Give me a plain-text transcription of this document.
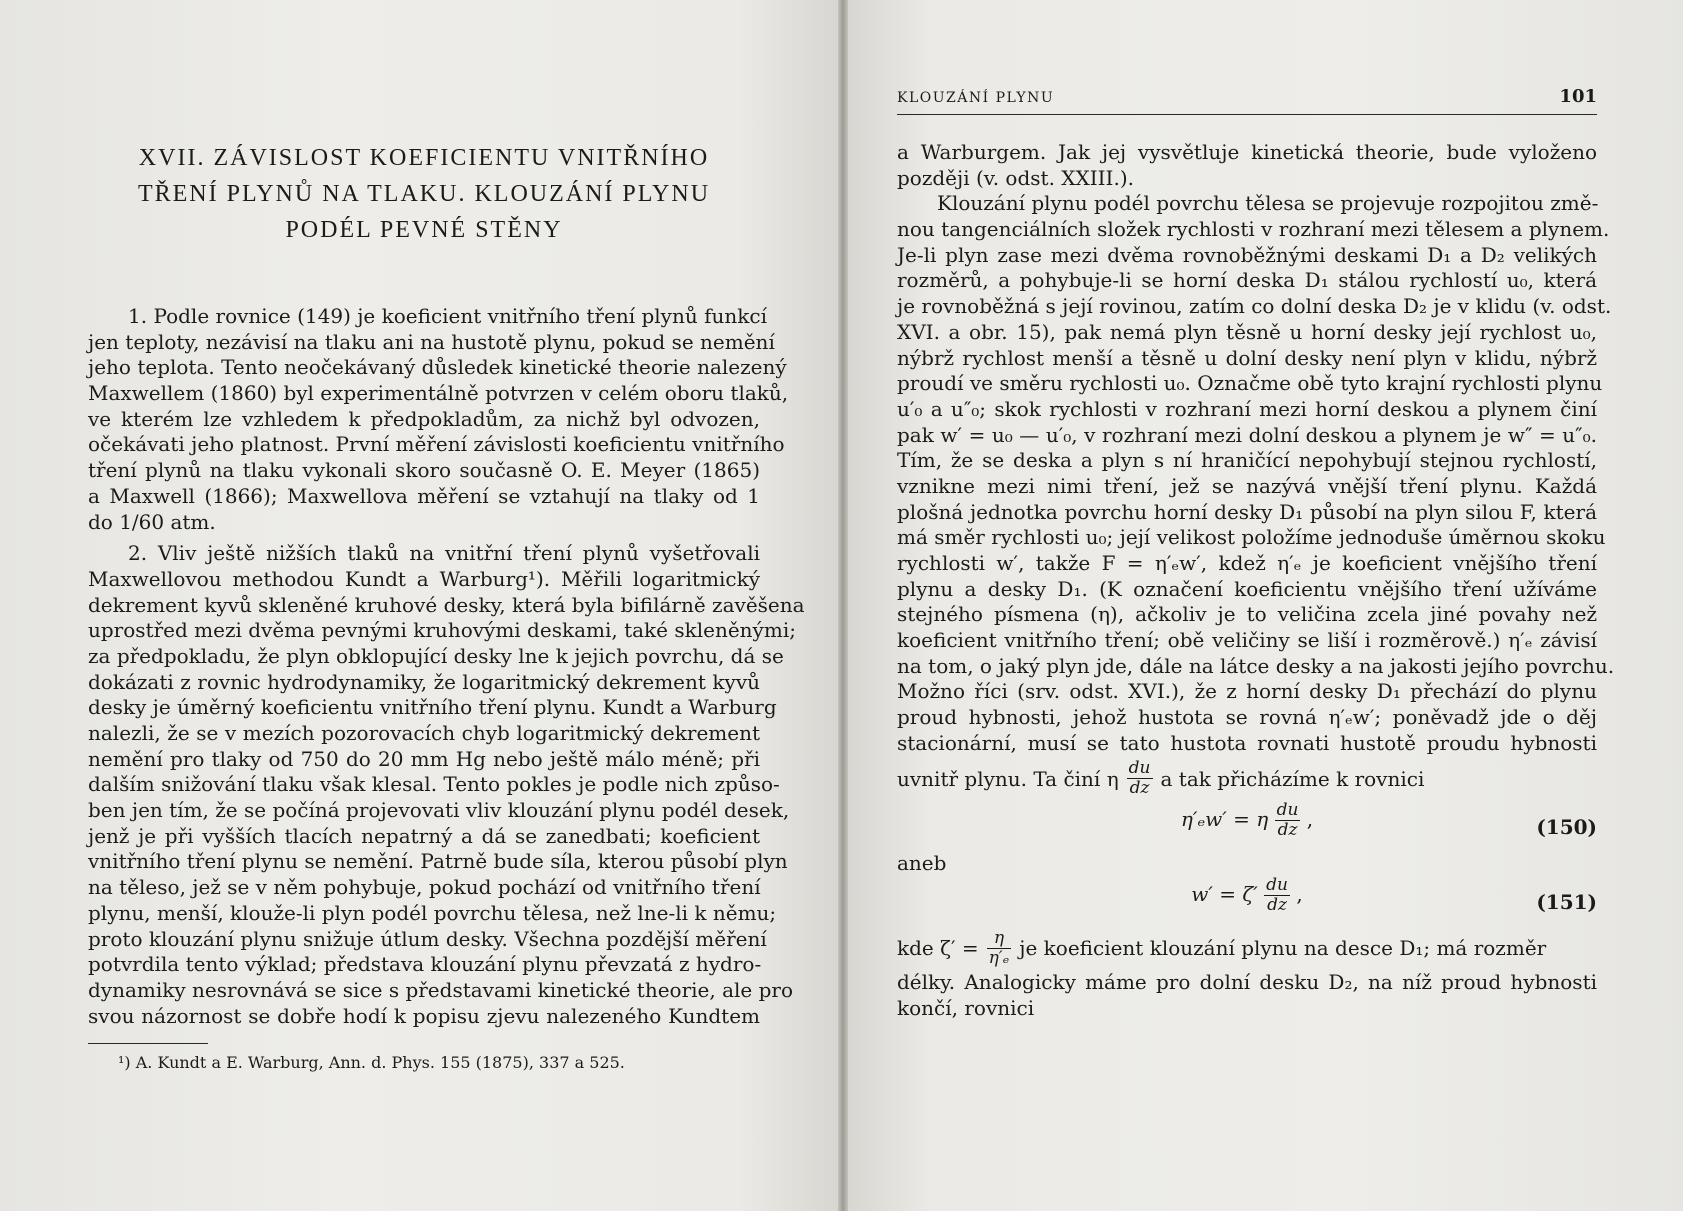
XVII. ZÁVISLOST KOEFICIENTU VNITŘNÍHO
TŘENÍ PLYNŮ NA TLAKU. KLOUZÁNÍ PLYNU
PODÉL PEVNÉ STĚNY
1. Podle rovnice (149) je koeficient vnitřního tření plynů funkcí
jen teploty, nezávisí na tlaku ani na hustotě plynu, pokud se nemění
jeho teplota. Tento neočekávaný důsledek kinetické theorie nalezený
Maxwellem (1860) byl experimentálně potvrzen v celém oboru tlaků,
ve kterém lze vzhledem k předpokladům, za nichž byl odvozen,
očekávati jeho platnost. První měření závislosti koeficientu vnitřního
tření plynů na tlaku vykonali skoro současně O. E. Meyer (1865)
a Maxwell (1866); Maxwellova měření se vztahují na tlaky od 1
do 1/60 atm.
2. Vliv ještě nižších tlaků na vnitřní tření plynů vyšetřovali
Maxwellovou methodou Kundt a Warburg¹). Měřili logaritmický
dekrement kyvů skleněné kruhové desky, která byla bifilárně zavěšena
uprostřed mezi dvěma pevnými kruhovými deskami, také skleněnými;
za předpokladu, že plyn obklopující desky lne k jejich povrchu, dá se
dokázati z rovnic hydrodynamiky, že logaritmický dekrement kyvů
desky je úměrný koeficientu vnitřního tření plynu. Kundt a Warburg
nalezli, že se v mezích pozorovacích chyb logaritmický dekrement
nemění pro tlaky od 750 do 20 mm Hg nebo ještě málo méně; při
dalším snižování tlaku však klesal. Tento pokles je podle nich způso-
ben jen tím, že se počíná projevovati vliv klouzání plynu podél desek,
jenž je při vyšších tlacích nepatrný a dá se zanedbati; koeficient
vnitřního tření plynu se nemění. Patrně bude síla, kterou působí plyn
na těleso, jež se v něm pohybuje, pokud pochází od vnitřního tření
plynu, menší, klouže-li plyn podél povrchu tělesa, než lne-li k němu;
proto klouzání plynu snižuje útlum desky. Všechna pozdější měření
potvrdila tento výklad; představa klouzání plynu převzatá z hydro-
dynamiky nesrovnává se sice s představami kinetické theorie, ale pro
svou názornost se dobře hodí k popisu zjevu nalezeného Kundtem
¹) A. Kundt a E. Warburg, Ann. d. Phys. 155 (1875), 337 a 525.
KLOUZÁNÍ PLYNU	101
a Warburgem. Jak jej vysvětluje kinetická theorie, bude vyloženo
později (v. odst. XXIII.).
Klouzání plynu podél povrchu tělesa se projevuje rozpojitou změ-
nou tangenciálních složek rychlosti v rozhraní mezi tělesem a plynem.
Je-li plyn zase mezi dvěma rovnoběžnými deskami D₁ a D₂ velikých
rozměrů, a pohybuje-li se horní deska D₁ stálou rychlostí u₀, která
je rovnoběžná s její rovinou, zatím co dolní deska D₂ je v klidu (v. odst.
XVI. a obr. 15), pak nemá plyn těsně u horní desky její rychlost u₀,
nýbrž rychlost menší a těsně u dolní desky není plyn v klidu, nýbrž
proudí ve směru rychlosti u₀. Označme obě tyto krajní rychlosti plynu
u′₀ a u″₀; skok rychlosti v rozhraní mezi horní deskou a plynem činí
pak w′ = u₀ — u′₀, v rozhraní mezi dolní deskou a plynem je w″ = u″₀.
Tím, že se deska a plyn s ní hraničící nepohybují stejnou rychlostí,
vznikne mezi nimi tření, jež se nazývá vnější tření plynu. Každá
plošná jednotka povrchu horní desky D₁ působí na plyn silou F, která
má směr rychlosti u₀; její velikost položíme jednoduše úměrnou skoku
rychlosti w′, takže F = η′ₑw′, kdež η′ₑ je koeficient vnějšího tření
plynu a desky D₁. (K označení koeficientu vnějšího tření užíváme
stejného písmena (η), ačkoliv je to veličina zcela jiné povahy než
koeficient vnitřního tření; obě veličiny se liší i rozměrově.) η′ₑ závisí
na tom, o jaký plyn jde, dále na látce desky a na jakosti jejího povrchu.
Možno říci (srv. odst. XVI.), že z horní desky D₁ přechází do plynu
proud hybnosti, jehož hustota se rovná η′ₑw′; poněvadž jde o děj
stacionární, musí se tato hustota rovnati hustotě proudu hybnosti
uvnitř plynu. Ta činí η $\frac{du}{dz}$ a tak přicházíme k rovnici
η′ₑw′ = η $\frac{du}{dz}$ ,	(150)
aneb
$w' = \zeta' \frac{du}{dz}$ ,	(151)
kde $\zeta' = \frac{\eta}{\text{η′ₑ}}$ je koeficient klouzání plynu na desce D₁; má rozměr
délky. Analogicky máme pro dolní desku D₂, na níž proud hybnosti
končí, rovnici
